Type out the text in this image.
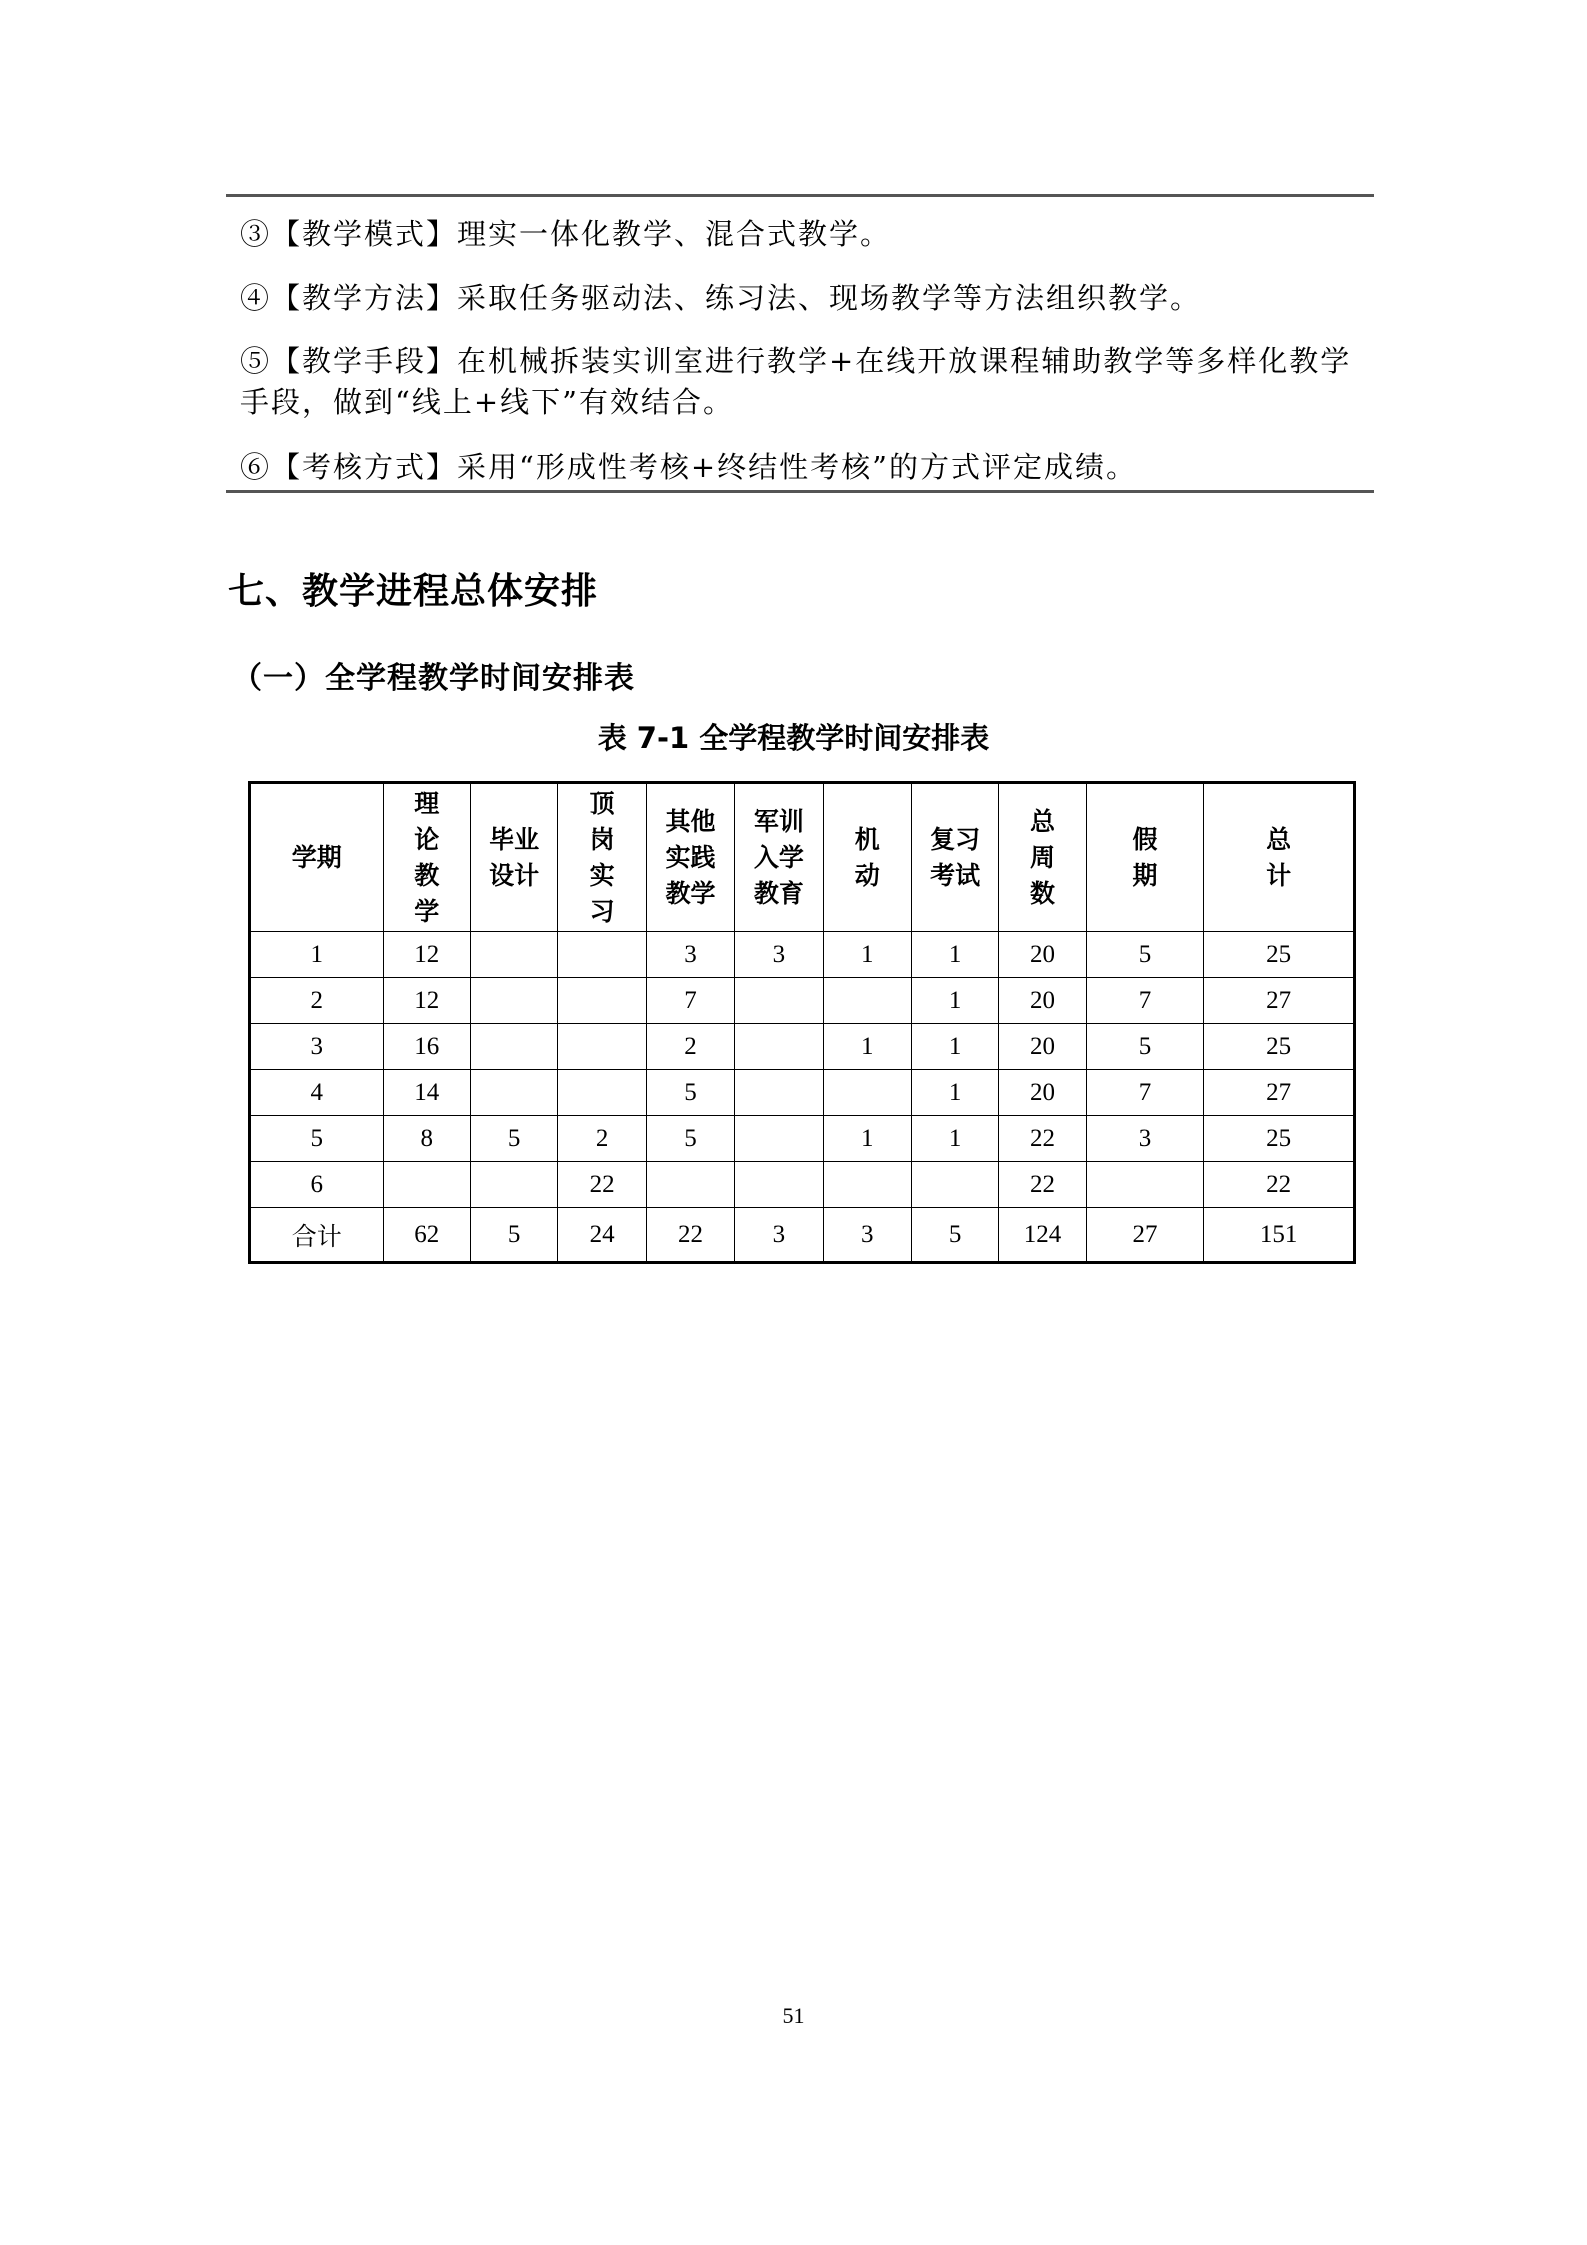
③【教学模式】理实一体化教学、混合式教学。
④【教学方法】采取任务驱动法、练习法、现场教学等方法组织教学。
⑤【教学手段】在机械拆装实训室进行教学+在线开放课程辅助教学等多样化教学手段，做到“线上+线下”有效结合。
⑥【考核方式】采用“形成性考核+终结性考核”的方式评定成绩。
七、教学进程总体安排
（一）全学程教学时间安排表
表 7-1 全学程教学时间安排表
学期	理
论
教
学	毕业
设计	顶
岗
实
习	其他
实践
教学	军训
入学
教育	机
动	复习
考试	总
周
数	假
期	总
计
1	12			3	3	1	1	20	5	25
2	12			7			1	20	7	27
3	16			2		1	1	20	5	25
4	14			5			1	20	7	27
5	8	5	2	5		1	1	22	3	25
6			22					22		22
合计	62	5	24	22	3	3	5	124	27	151
51
